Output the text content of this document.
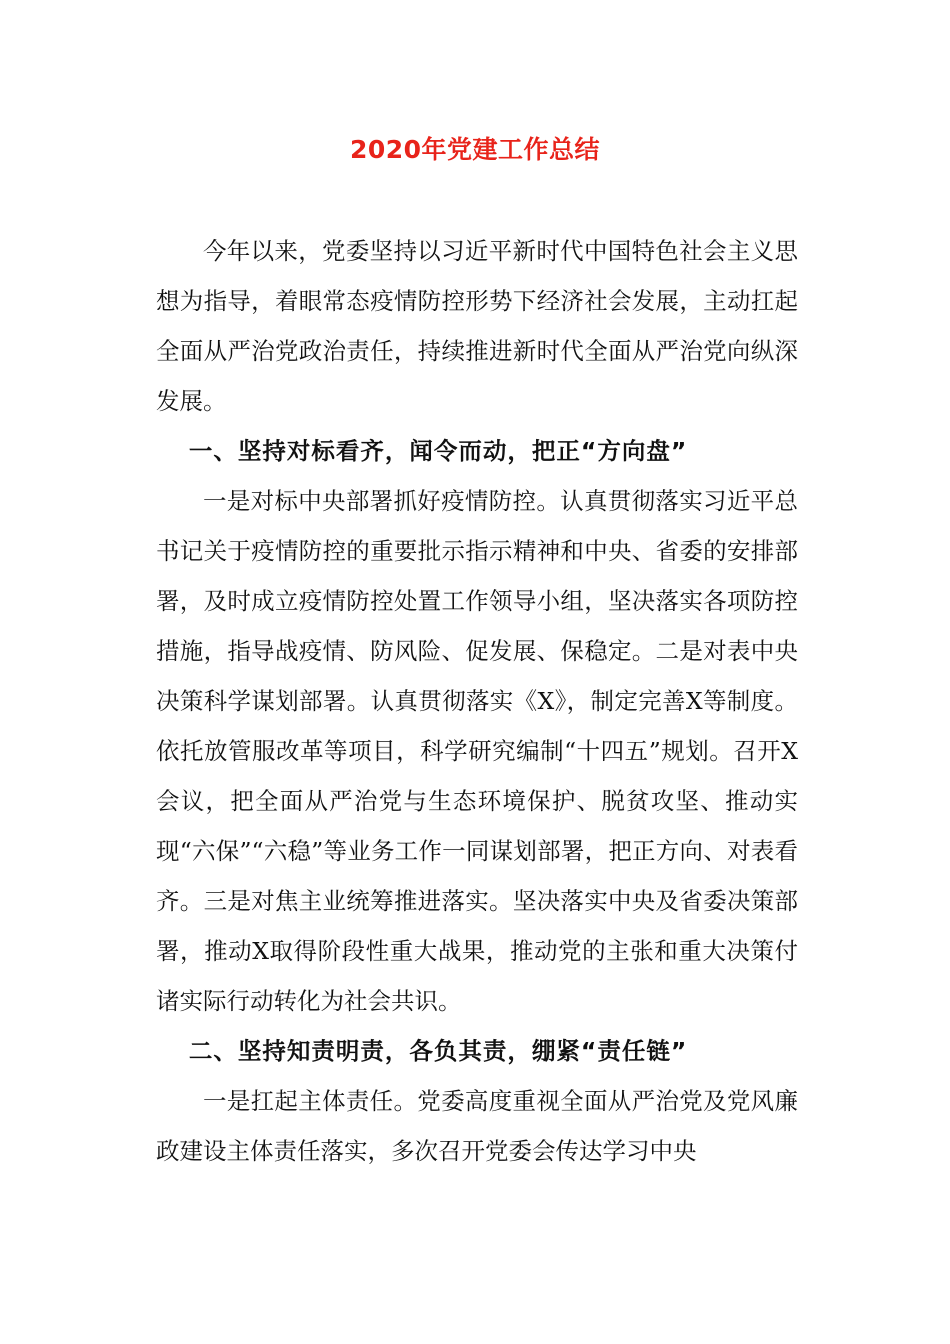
2020年党建工作总结

今年以来，党委坚持以习近平新时代中国特色社会主义思想为指导，着眼常态疫情防控形势下经济社会发展，主动扛起全面从严治党政治责任，持续推进新时代全面从严治党向纵深发展。

一、坚持对标看齐，闻令而动，把正“方向盘”

一是对标中央部署抓好疫情防控。认真贯彻落实习近平总书记关于疫情防控的重要批示指示精神和中央、省委的安排部署，及时成立疫情防控处置工作领导小组，坚决落实各项防控措施，指导战疫情、防风险、促发展、保稳定。二是对表中央决策科学谋划部署。认真贯彻落实《X》，制定完善X等制度。依托放管服改革等项目，科学研究编制“十四五”规划。召开X会议，把全面从严治党与生态环境保护、脱贫攻坚、推动实现“六保”“六稳”等业务工作一同谋划部署，把正方向、对表看齐。三是对焦主业统筹推进落实。坚决落实中央及省委决策部署，推动X取得阶段性重大战果，推动党的主张和重大决策付诸实际行动转化为社会共识。

二、坚持知责明责，各负其责，绷紧“责任链”

一是扛起主体责任。党委高度重视全面从严治党及党风廉政建设主体责任落实，多次召开党委会传达学习中央
